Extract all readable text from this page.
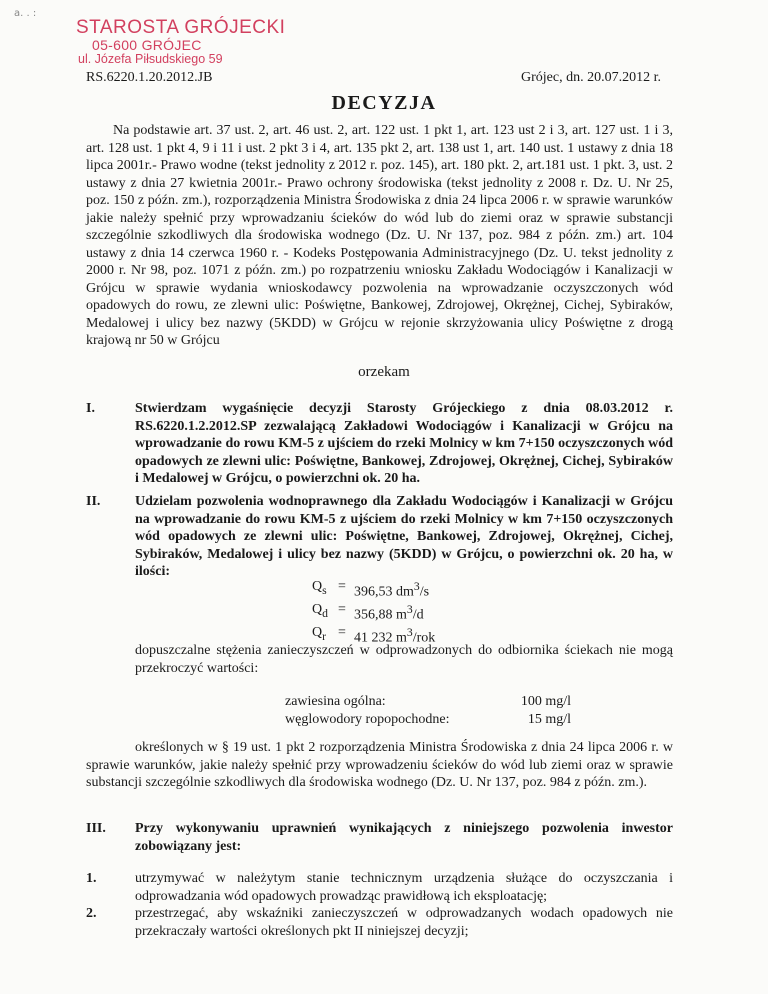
a. . :
STAROSTA GRÓJECKI
05-600 GRÓJEC
ul. Józefa Piłsudskiego 59
RS.6220.1.20.2012.JB	Grójec, dn. 20.07.2012 r.
DECYZJA

Na podstawie art. 37 ust. 2, art. 46 ust. 2, art. 122 ust. 1 pkt 1, art. 123 ust 2 i 3, art. 127 ust. 1 i 3, art. 128 ust. 1 pkt 4, 9 i 11 i ust. 2 pkt 3 i 4, art. 135 pkt 2, art. 138 ust 1, art. 140 ust. 1 ustawy z dnia 18 lipca 2001r.- Prawo wodne (tekst jednolity z 2012 r. poz. 145), art. 180 pkt. 2, art.181 ust. 1 pkt. 3, ust. 2 ustawy z dnia 27 kwietnia 2001r.- Prawo ochrony środowiska (tekst jednolity z 2008 r. Dz. U. Nr 25, poz. 150 z późn. zm.), rozporządzenia Ministra Środowiska z dnia 24 lipca 2006 r. w sprawie warunków jakie należy spełnić przy wprowadzaniu ścieków do wód lub do ziemi oraz w sprawie substancji szczególnie szkodliwych dla środowiska wodnego (Dz. U. Nr 137, poz. 984 z późn. zm.) art. 104 ustawy z dnia 14 czerwca 1960 r. - Kodeks Postępowania Administracyjnego (Dz. U. tekst jednolity z 2000 r. Nr 98, poz. 1071 z późn. zm.) po rozpatrzeniu wniosku Zakładu Wodociągów i Kanalizacji w Grójcu w sprawie wydania wnioskodawcy pozwolenia na wprowadzanie oczyszczonych wód opadowych do rowu, ze zlewni ulic: Poświętne, Bankowej, Zdrojowej, Okrężnej, Cichej, Sybiraków, Medalowej i ulicy bez nazwy (5KDD) w Grójcu w rejonie skrzyżowania ulicy Poświętne z drogą krajową nr 50 w Grójcu

orzekam
I.	Stwierdzam wygaśnięcie decyzji Starosty Grójeckiego z dnia 08.03.2012 r. RS.6220.1.2.2012.SP zezwalającą Zakładowi Wodociągów i Kanalizacji w Grójcu na wprowadzanie do rowu KM-5 z ujściem do rzeki Molnicy w km 7+150 oczyszczonych wód opadowych ze zlewni ulic: Poświętne, Bankowej, Zdrojowej, Okrężnej, Cichej, Sybiraków i Medalowej w Grójcu, o powierzchni ok. 20 ha.
II. Udzielam pozwolenia wodnoprawnego dla Zakładu Wodociągów i Kanalizacji w Grójcu na wprowadzanie do rowu KM-5 z ujściem do rzeki Molnicy w km 7+150 oczyszczonych wód opadowych ze zlewni ulic: Poświętne, Bankowej, Zdrojowej, Okrężnej, Cichej, Sybiraków, Medalowej i ulicy bez nazwy (5KDD) w Grójcu, o powierzchni ok. 20 ha, w ilości:
$Q_s = 396,53$ $dm^3/s$
$Q_d = 356,88$ $m^3/d$
$Q_r = 41$ 232 $m^3$/rok
dopuszczalne stężenia zanieczyszczeń w odprowadzonych do odbiornika ściekach nie mogą przekroczyć wartości:
zawiesina ogólna:	100 mg/l
węglowodory ropopochodne:	15 mg/l

określonych w § 19 ust. 1 pkt 2 rozporządzenia Ministra Środowiska z dnia 24 lipca 2006 r. w sprawie warunków, jakie należy spełnić przy wprowadzeniu ścieków do wód lub ziemi oraz w sprawie substancji szczególnie szkodliwych dla środowiska wodnego (Dz. U. Nr 137, poz. 984 z późn. zm.).

III. Przy wykonywaniu uprawnień wynikających z niniejszego pozwolenia inwestor zobowiązany jest:
1.	utrzymywać w należytym stanie technicznym urządzenia służące do oczyszczania i odprowadzania wód opadowych prowadząc prawidłową ich eksploatację;
2.	przestrzegać, aby wskaźniki zanieczyszczeń w odprowadzanych wodach opadowych nie przekraczały wartości określonych pkt II niniejszej decyzji;
